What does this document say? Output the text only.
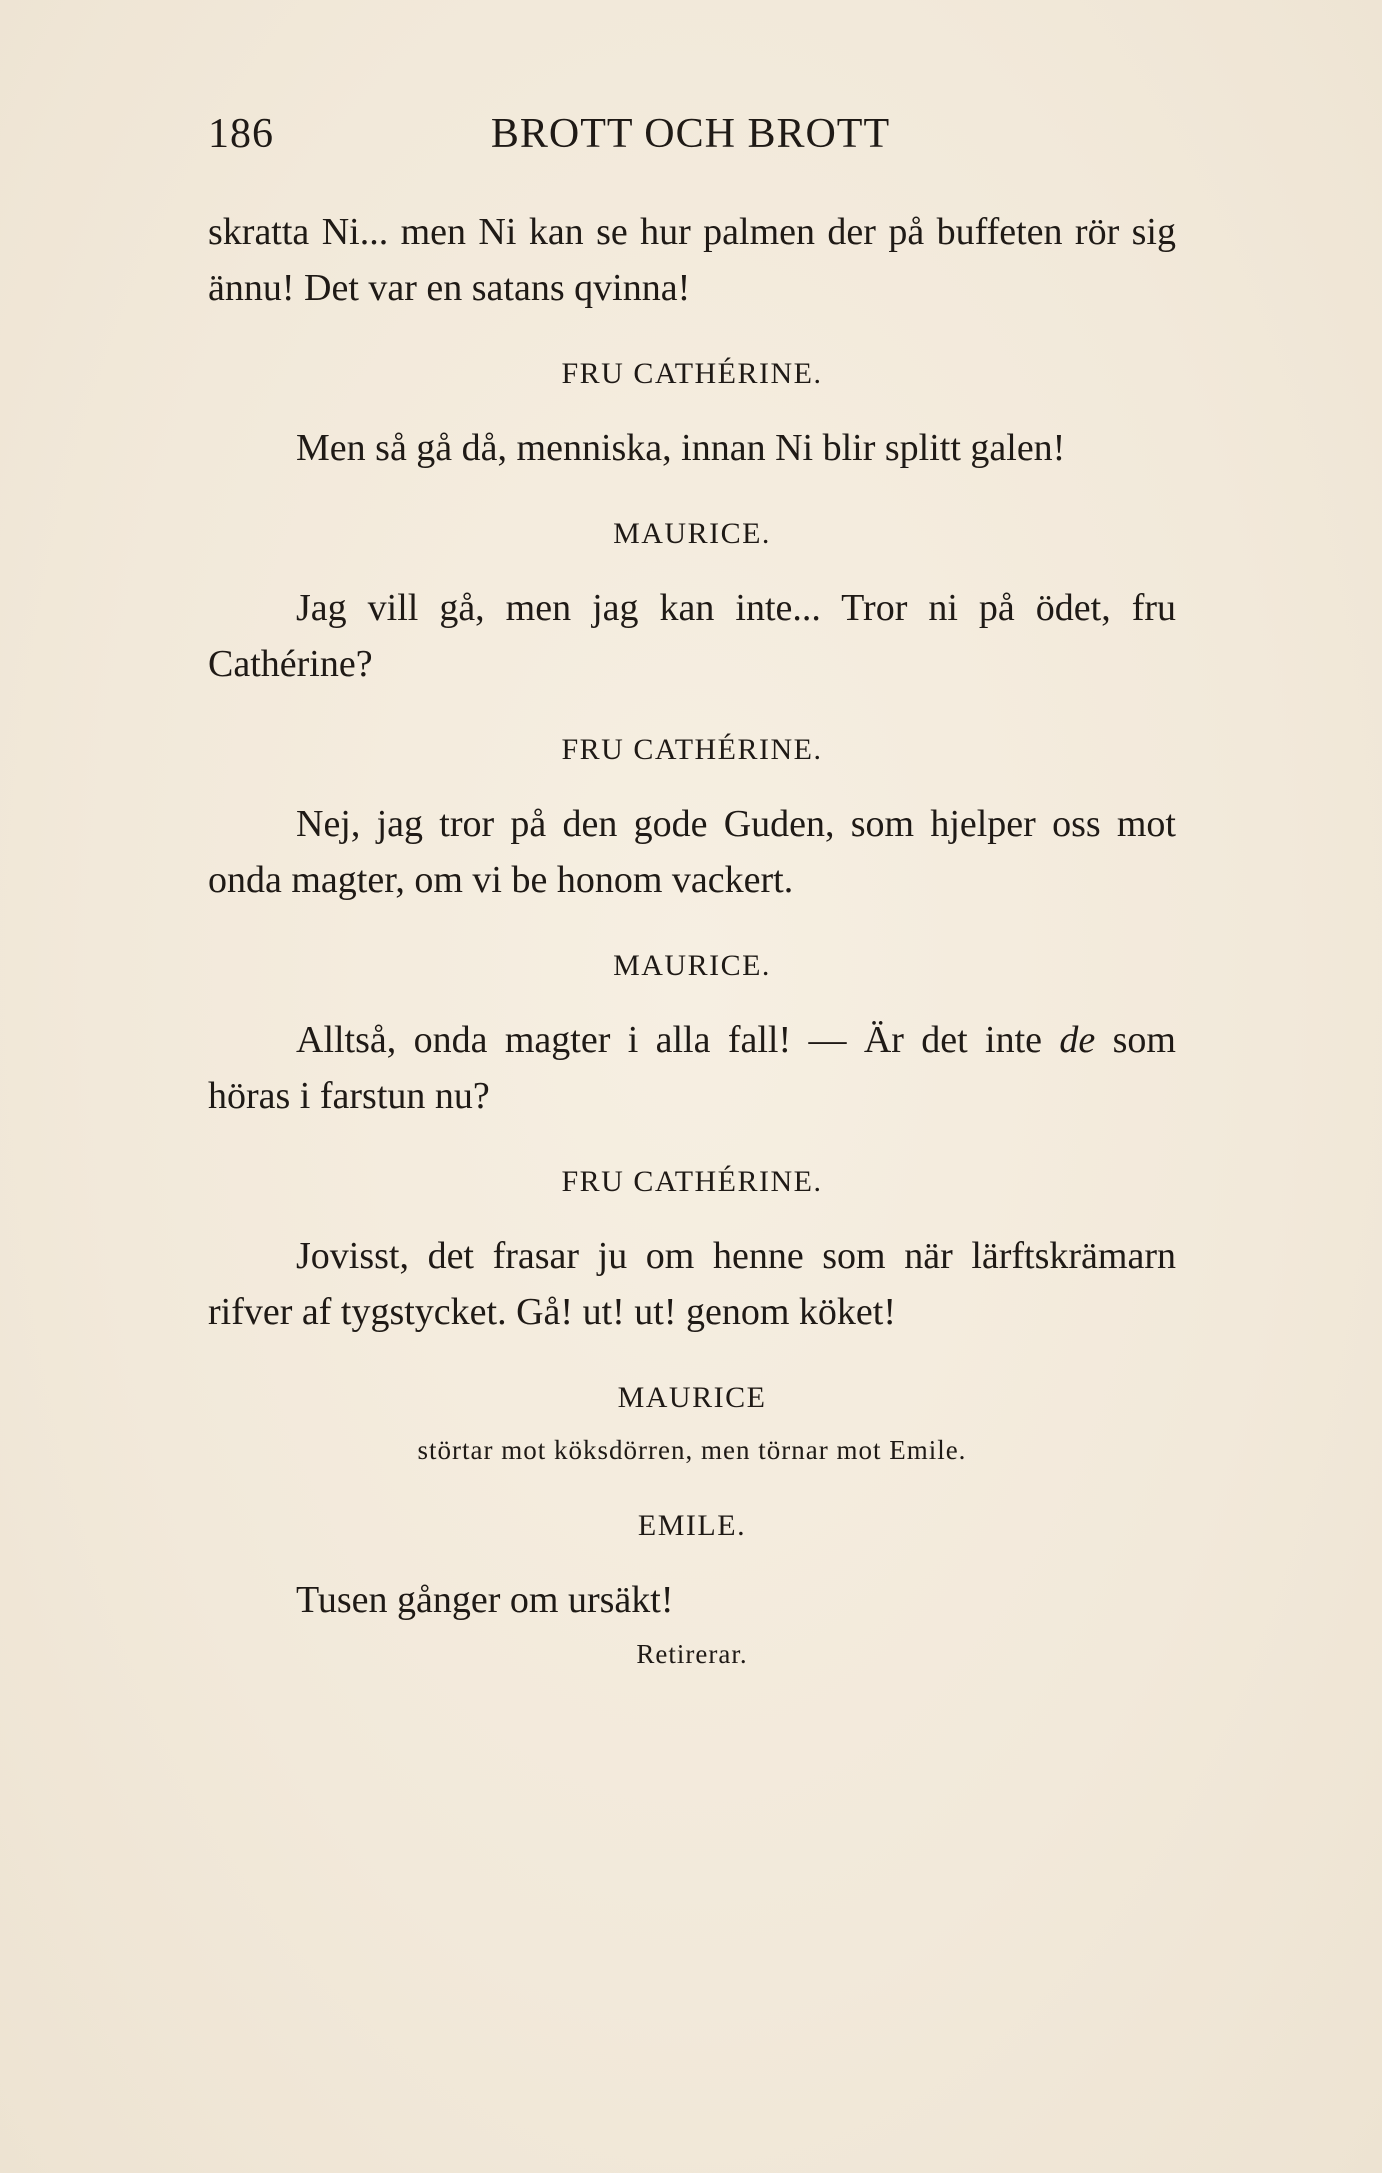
186	BROTT OCH BROTT

skratta Ni... men Ni kan se hur palmen der på buffeten rör sig ännu! Det var en satans qvinna!

FRU CATHÉRINE.

Men så gå då, menniska, innan Ni blir splitt galen!

MAURICE.

Jag vill gå, men jag kan inte... Tror ni på ödet, fru Cathérine?

FRU CATHÉRINE.

Nej, jag tror på den gode Guden, som hjelper oss mot onda magter, om vi be honom vackert.

MAURICE.

Alltså, onda magter i alla fall! — Är det inte de som höras i farstun nu?

FRU CATHÉRINE.

Jovisst, det frasar ju om henne som när lärftskrämarn rifver af tygstycket. Gå! ut! ut! genom köket!

MAURICE

störtar mot köksdörren, men törnar mot Emile.

EMILE.

Tusen gånger om ursäkt!

Retirerar.
